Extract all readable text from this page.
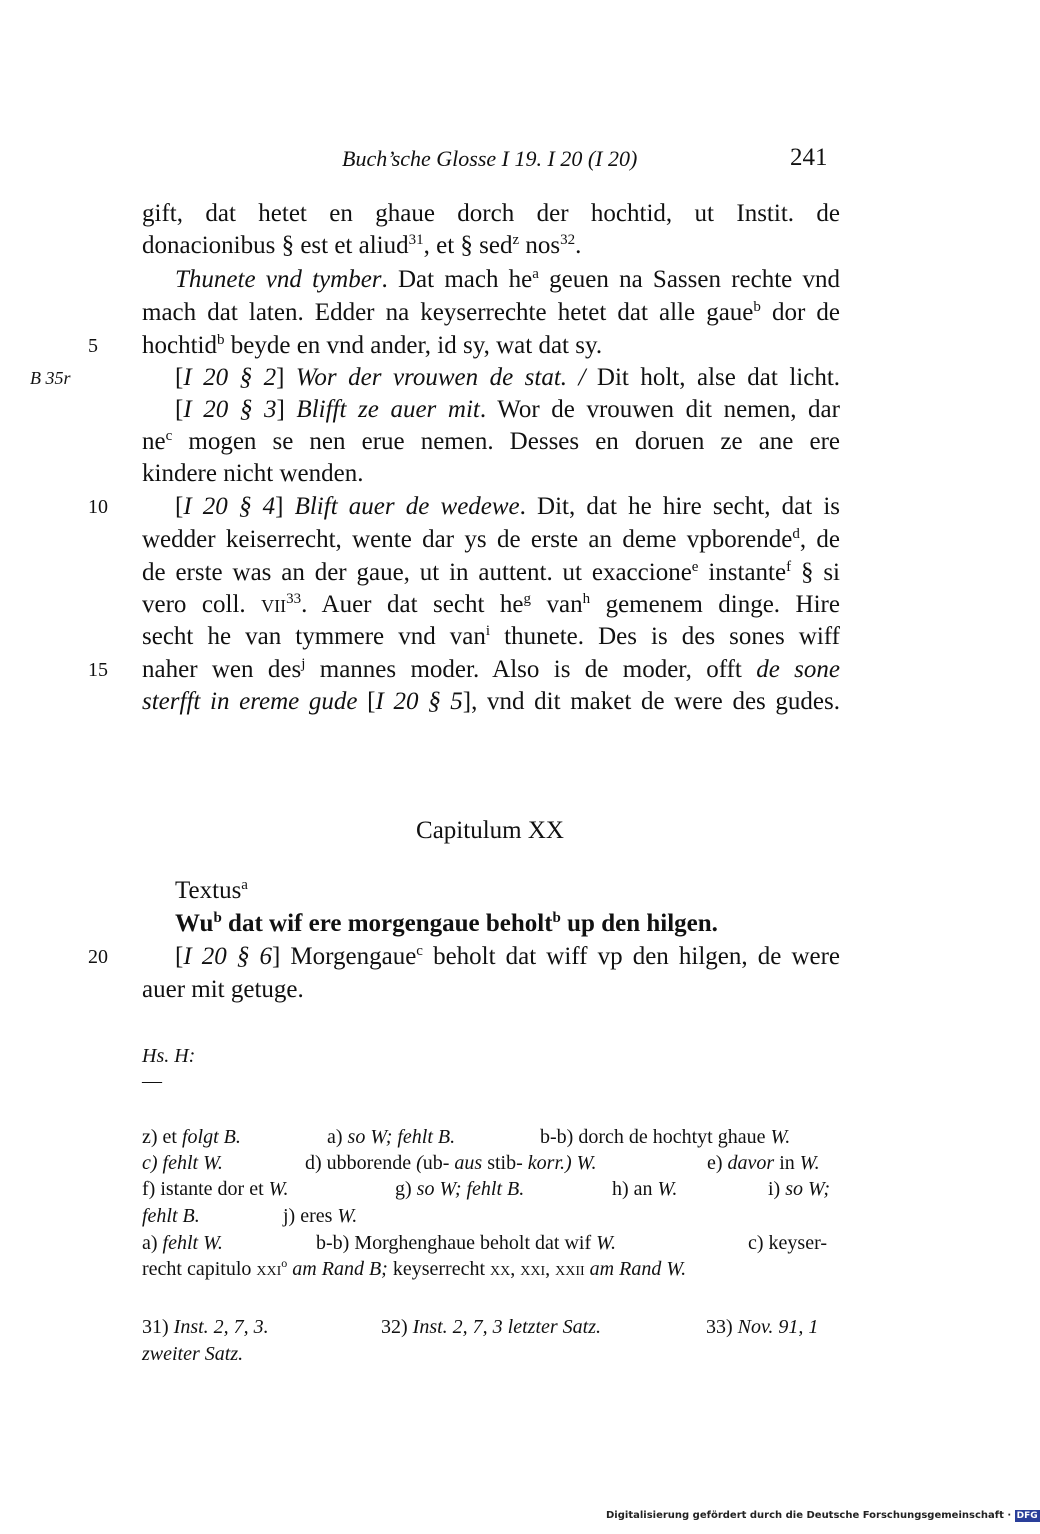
Buch’sche Glosse I 19. I 20 (I 20)	241
5
B 35r
10
15
20
gift, dat hetet en ghaue dorch der hochtid, ut Instit. de
donacionibus § est et aliud$^{31}$, et § sed$^z$ nos$^{32}$.
Thunete vnd tymber. Dat mach $he^a$ geuen na Sassen rechte vnd
mach dat laten. Edder na keyserrechte hetet dat alle gaue$^b$ dor de
hochtid$^b$ beyde en vnd ander, id sy, wat dat sy.
[I 20 § 2] Wor der vrouwen de stat. / Dit holt, alse dat licht.
[I 20 § 3] Blifft ze auer mit. Wor de vrouwen dit nemen, dar
$ne^c$ mogen se nen erue nemen. Desses en doruen ze ane ere
kindere nicht wenden.
[I 20 § 4] Blift auer de wedewe. Dit, dat he hire secht, dat is
wedder keiserrecht, wente dar ys de erste an deme vpborende$^d$, de
de erste was an der gaue, ut in auttent. ut exaccione$^e$ instante$^f$ § si
vero coll. vii$^{33}$. Auer dat secht $he^g$ van$^h$ gemenem dinge. Hire
secht he van tymmere vnd van$^i$ thunete. Des is des sones wiff
naher wen des$^j$ mannes moder. Also is de moder, offt de sone
sterfft in ereme gude [I 20 § 5], vnd dit maket de were des gudes.
Capitulum XX
Textus$^a$
Wu$^b$ dat wif ere morgengaue beholt$^b$ up den hilgen.
[I 20 § 6] Morgengaue$^c$ beholt dat wiff vp den hilgen, de were
auer mit getuge.
Hs. H:
—
z) et folgt B.	a) so W; fehlt B.	b-b) dorch de hochtyt ghaue W.
c) fehlt W.	d) ubborende (ub- aus stib- korr.) W.	e) davor in W.
f) istante dor et W.	g) so W; fehlt B.	h) an W.	i) so W;
fehlt B.	j) eres W.
a) fehlt W.	b-b) Morghenghaue beholt dat wif W.	c) keyser-
recht capitulo xxi$^o$ am Rand B; keyserrecht xx, xxi, xxii am Rand W.
31) Inst. 2, 7, 3.	32) Inst. 2, 7, 3 letzter Satz.	33) Nov. 91, 1
zweiter Satz.
Digitalisierung gefördert durch die Deutsche Forschungsgemeinschaft · DFG
